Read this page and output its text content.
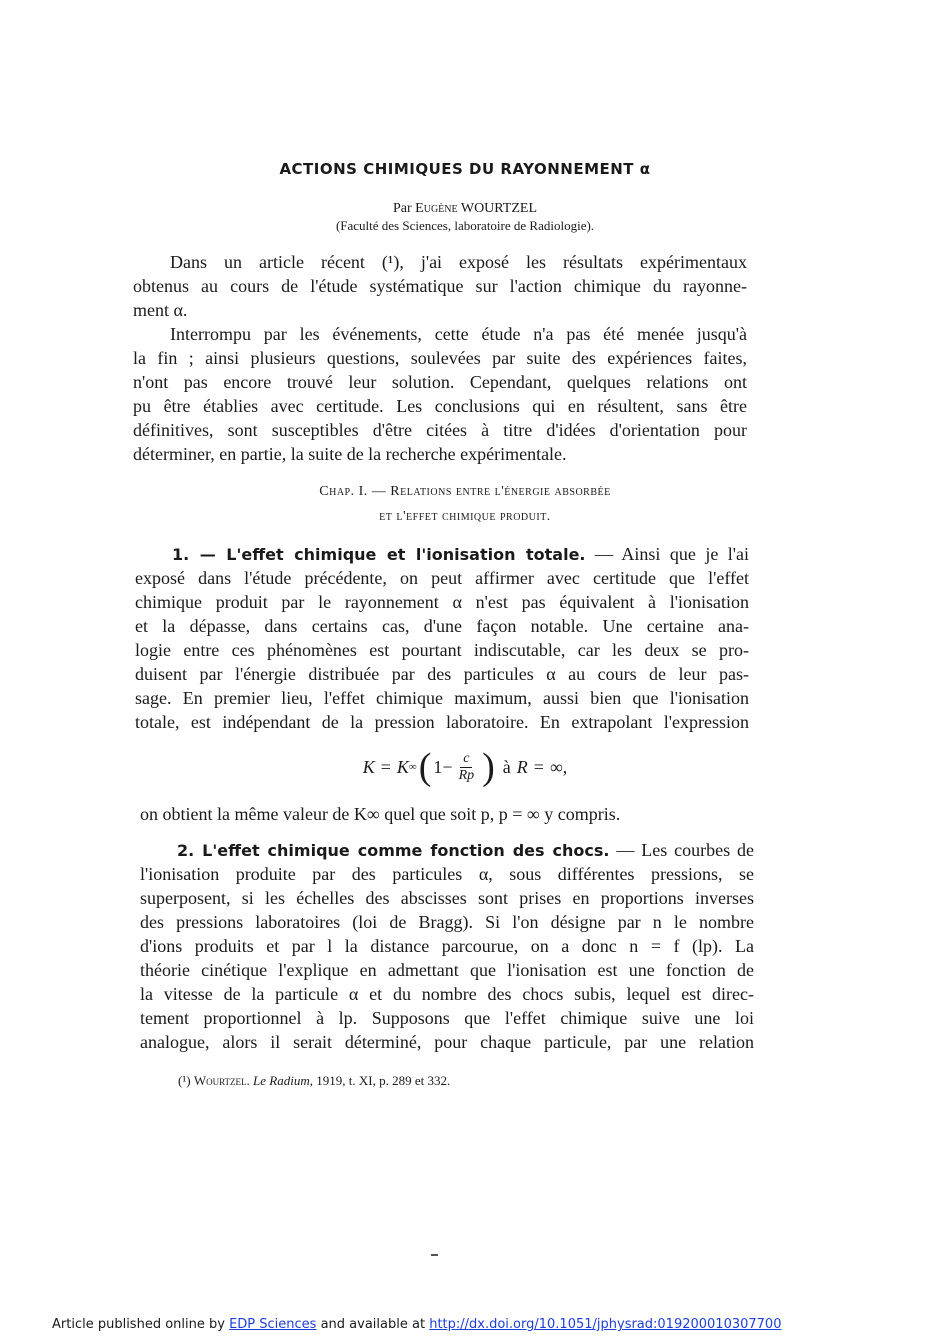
ACTIONS CHIMIQUES DU RAYONNEMENT α
Par Eugène WOURTZEL
(Faculté des Sciences, laboratoire de Radiologie).
Dans un article récent (¹), j'ai exposé les résultats expérimentaux
obtenus au cours de l'étude systématique sur l'action chimique du rayonne-
ment α.
Interrompu par les événements, cette étude n'a pas été menée jusqu'à
la fin ; ainsi plusieurs questions, soulevées par suite des expériences faites,
n'ont pas encore trouvé leur solution. Cependant, quelques relations ont
pu être établies avec certitude. Les conclusions qui en résultent, sans être
définitives, sont susceptibles d'être citées à titre d'idées d'orientation pour
déterminer, en partie, la suite de la recherche expérimentale.
Chap. I. — Relations entre l'énergie absorbée
et l'effet chimique produit.
1. — L'effet chimique et l'ionisation totale. — Ainsi que je l'ai
exposé dans l'étude précédente, on peut affirmer avec certitude que l'effet
chimique produit par le rayonnement α n'est pas équivalent à l'ionisation
et la dépasse, dans certains cas, d'une façon notable. Une certaine ana-
logie entre ces phénomènes est pourtant indiscutable, car les deux se pro-
duisent par l'énergie distribuée par des particules α au cours de leur pas-
sage. En premier lieu, l'effet chimique maximum, aussi bien que l'ionisation
totale, est indépendant de la pression laboratoire. En extrapolant l'expression
K = K ∞ ( $1 - \frac{c}{Rp}$ ) à R = ∞ ,
on obtient la même valeur de K∞ quel que soit p, p = ∞ y compris.
2. L'effet chimique comme fonction des chocs. — Les courbes de
l'ionisation produite par des particules α, sous différentes pressions, se
superposent, si les échelles des abscisses sont prises en proportions inverses
des pressions laboratoires (loi de Bragg). Si l'on désigne par n le nombre
d'ions produits et par l la distance parcourue, on a donc n = f (lp). La
théorie cinétique l'explique en admettant que l'ionisation est une fonction de
la vitesse de la particule α et du nombre des chocs subis, lequel est direc-
tement proportionnel à lp. Supposons que l'effet chimique suive une loi
analogue, alors il serait déterminé, pour chaque particule, par une relation
(¹) Wourtzel. Le Radium, 1919, t. XI, p. 289 et 332.
Article published online by EDP Sciences and available at http://dx.doi.org/10.1051/jphysrad:019200010307700
